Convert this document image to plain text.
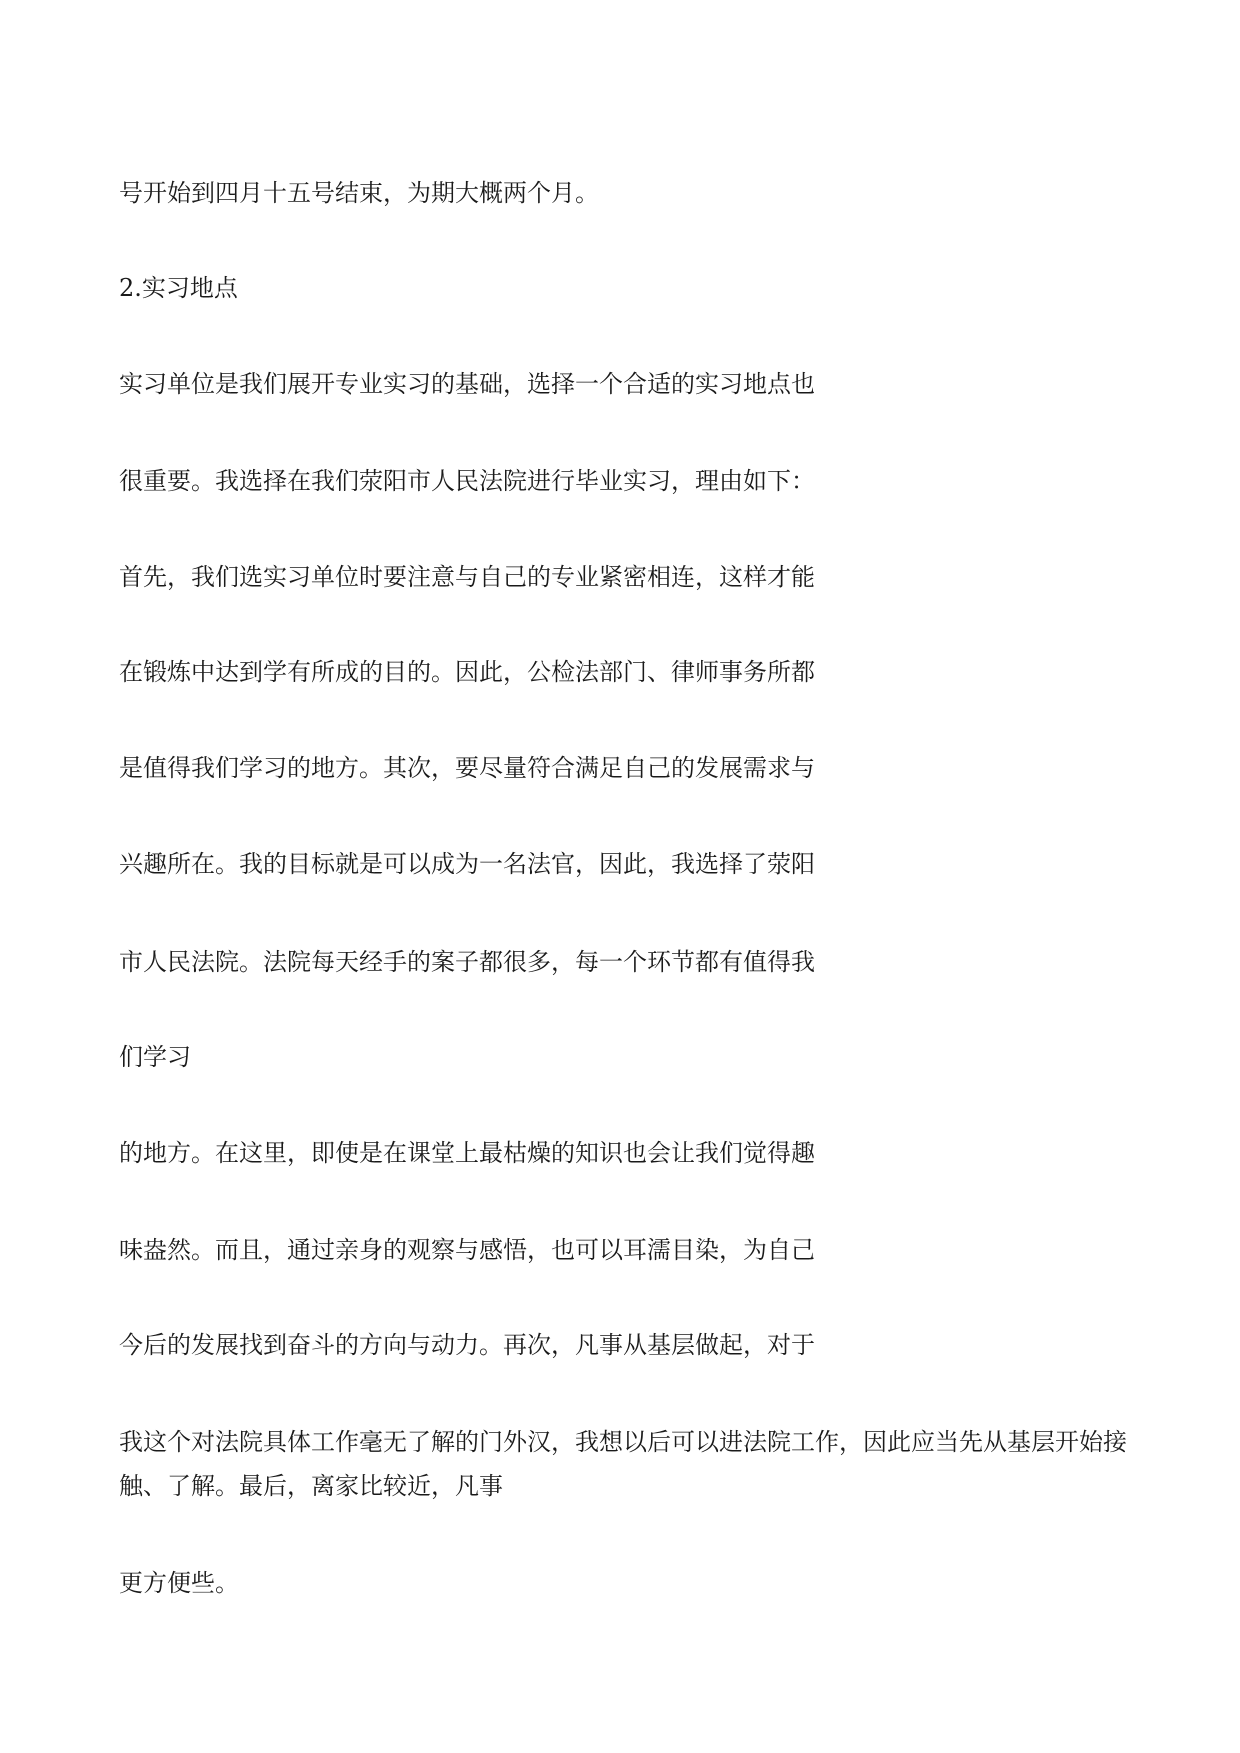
号开始到四月十五号结束，为期大概两个月。

2.实习地点

实习单位是我们展开专业实习的基础，选择一个合适的实习地点也

很重要。我选择在我们荥阳市人民法院进行毕业实习，理由如下：

首先，我们选实习单位时要注意与自己的专业紧密相连，这样才能

在锻炼中达到学有所成的目的。因此，公检法部门、律师事务所都

是值得我们学习的地方。其次，要尽量符合满足自己的发展需求与

兴趣所在。我的目标就是可以成为一名法官，因此，我选择了荥阳

市人民法院。法院每天经手的案子都很多，每一个环节都有值得我

们学习

的地方。在这里，即使是在课堂上最枯燥的知识也会让我们觉得趣

味盎然。而且，通过亲身的观察与感悟，也可以耳濡目染，为自己

今后的发展找到奋斗的方向与动力。再次，凡事从基层做起，对于

我这个对法院具体工作毫无了解的门外汉，我想以后可以进法院工作，因此应当先从基层开始接触、了解。最后，离家比较近，凡事

更方便些。
